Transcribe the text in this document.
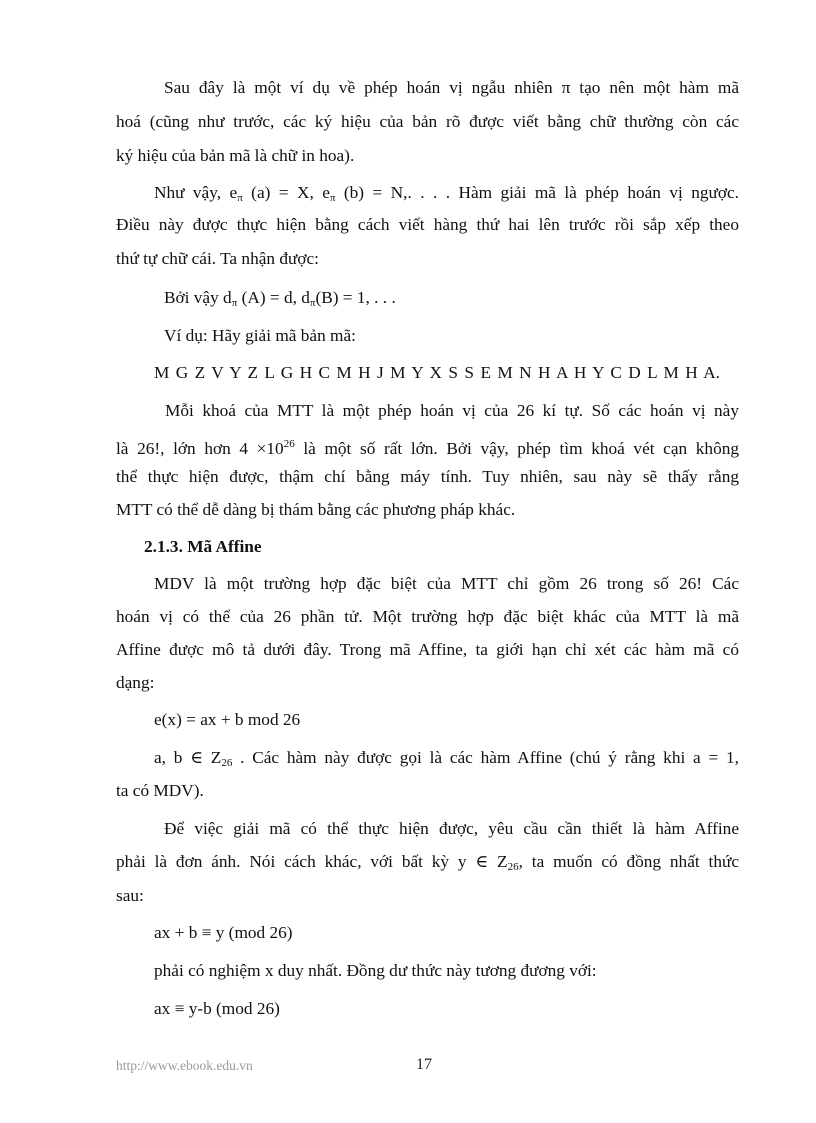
Sau đây là một ví dụ về phép hoán vị ngẫu nhiên π tạo nên một hàm mã
hoá (cũng như trước, các ký hiệu của bản rõ được viết bằng chữ thường còn các
ký hiệu của bản mã là chữ in hoa).
Như vậy, $e_\pi$ (a) = X, $e_\pi$ (b) = N,. . . . Hàm giải mã là phép hoán vị ngược.
Điều này được thực hiện bằng cách viết hàng thứ hai lên trước rồi sắp xếp theo
thứ tự chữ cái. Ta nhận được:
Bởi vậy $d_\pi$ (A) = d, $d_\pi(B) = 1$, . . .
Ví dụ: Hãy giải mã bản mã:
M G Z V Y Z L G H C M H J M Y X S S E M N H A H Y C D L M H A.
Mỗi khoá của MTT là một phép hoán vị của 26 kí tự. Số các hoán vị này
là 26!, lớn hơn $4 \times 10^{26}$ là một số rất lớn. Bởi vậy, phép tìm khoá vét cạn không
thể thực hiện được, thậm chí bằng máy tính. Tuy nhiên, sau này sẽ thấy rằng
MTT có thể dễ dàng bị thám bằng các phương pháp khác.
2.1.3. Mã Affine
MDV là một trường hợp đặc biệt của MTT chỉ gồm 26 trong số 26! Các
hoán vị có thể của 26 phần tử. Một trường hợp đặc biệt khác của MTT là mã
Affine được mô tả dưới đây. Trong mã Affine, ta giới hạn chỉ xét các hàm mã có
dạng:
e(x) = ax + b mod 26
a, b ∈ $Z_{26}$ . Các hàm này được gọi là các hàm Affine (chú ý rằng khi a = 1,
ta có MDV).
Để việc giải mã có thể thực hiện được, yêu cầu cần thiết là hàm Affine
phải là đơn ánh. Nói cách khác, với bất kỳ y ∈ $Z_{26}$, ta muốn có đồng nhất thức
sau:
ax + b ≡ y (mod 26)
phải có nghiệm x duy nhất. Đồng dư thức này tương đương với:
ax ≡ y-b (mod 26)
http://www.ebook.edu.vn	17
